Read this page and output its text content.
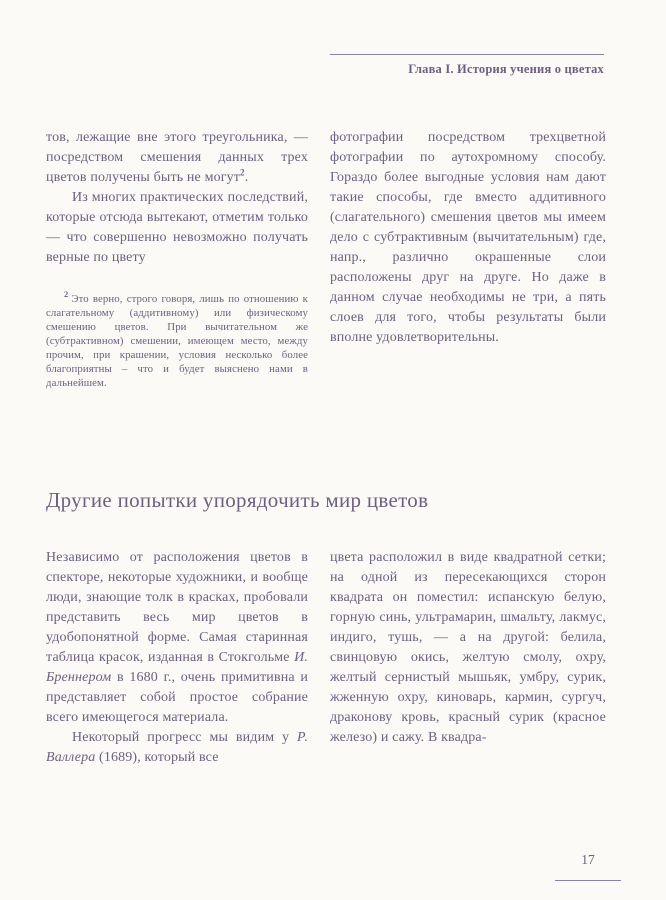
Глава I. История учения о цветах

тов, лежащие вне этого треугольника, — посредством смешения данных трех цветов получены быть не могут$^2$.

Из многих практических последствий, которые отсюда вытекают, отметим только — что совершенно невозможно получать верные по цвету

фотографии посредством трехцветной фотографии по аутохромному способу. Гораздо более выгодные условия нам дают такие способы, где вместо аддитивного (слагательного) смешения цветов мы имеем дело с субтрактивным (вычитательным) где, напр., различно окрашенные слои расположены друг на друге. Но даже в данном случае необходимы не три, а пять слоев для того, чтобы результаты были вполне удовлетворительны.

$^2$ Это верно, строго говоря, лишь по отношению к слагательному (аддитивному) или физическому смешению цветов. При вычитательном же (субтрактивном) смешении, имеющем место, между прочим, при крашении, условия несколько более благоприятны – что и будет выяснено нами в дальнейшем.
Другие попытки упорядочить мир цветов

Независимо от расположения цветов в спекторе, некоторые художники, и вообще люди, знающие толк в красках, пробовали представить весь мир цветов в удобопонятной форме. Самая старинная таблица красок, изданная в Стокгольме И. Бреннером в 1680 г., очень примитивна и представляет собой простое собрание всего имеющегося материала.

Некоторый прогресс мы видим у Р. Валлера (1689), который все

цвета расположил в виде квадратной сетки; на одной из пересекающихся сторон квадрата он поместил: испанскую белую, горную синь, ультрамарин, шмальту, лакмус, индиго, тушь, — а на другой: белила, свинцовую окись, желтую смолу, охру, желтый сернистый мышьяк, умбру, сурик, жженную охру, киноварь, кармин, сургуч, драконову кровь, красный сурик (красное железо) и сажу. В квадра-

17
